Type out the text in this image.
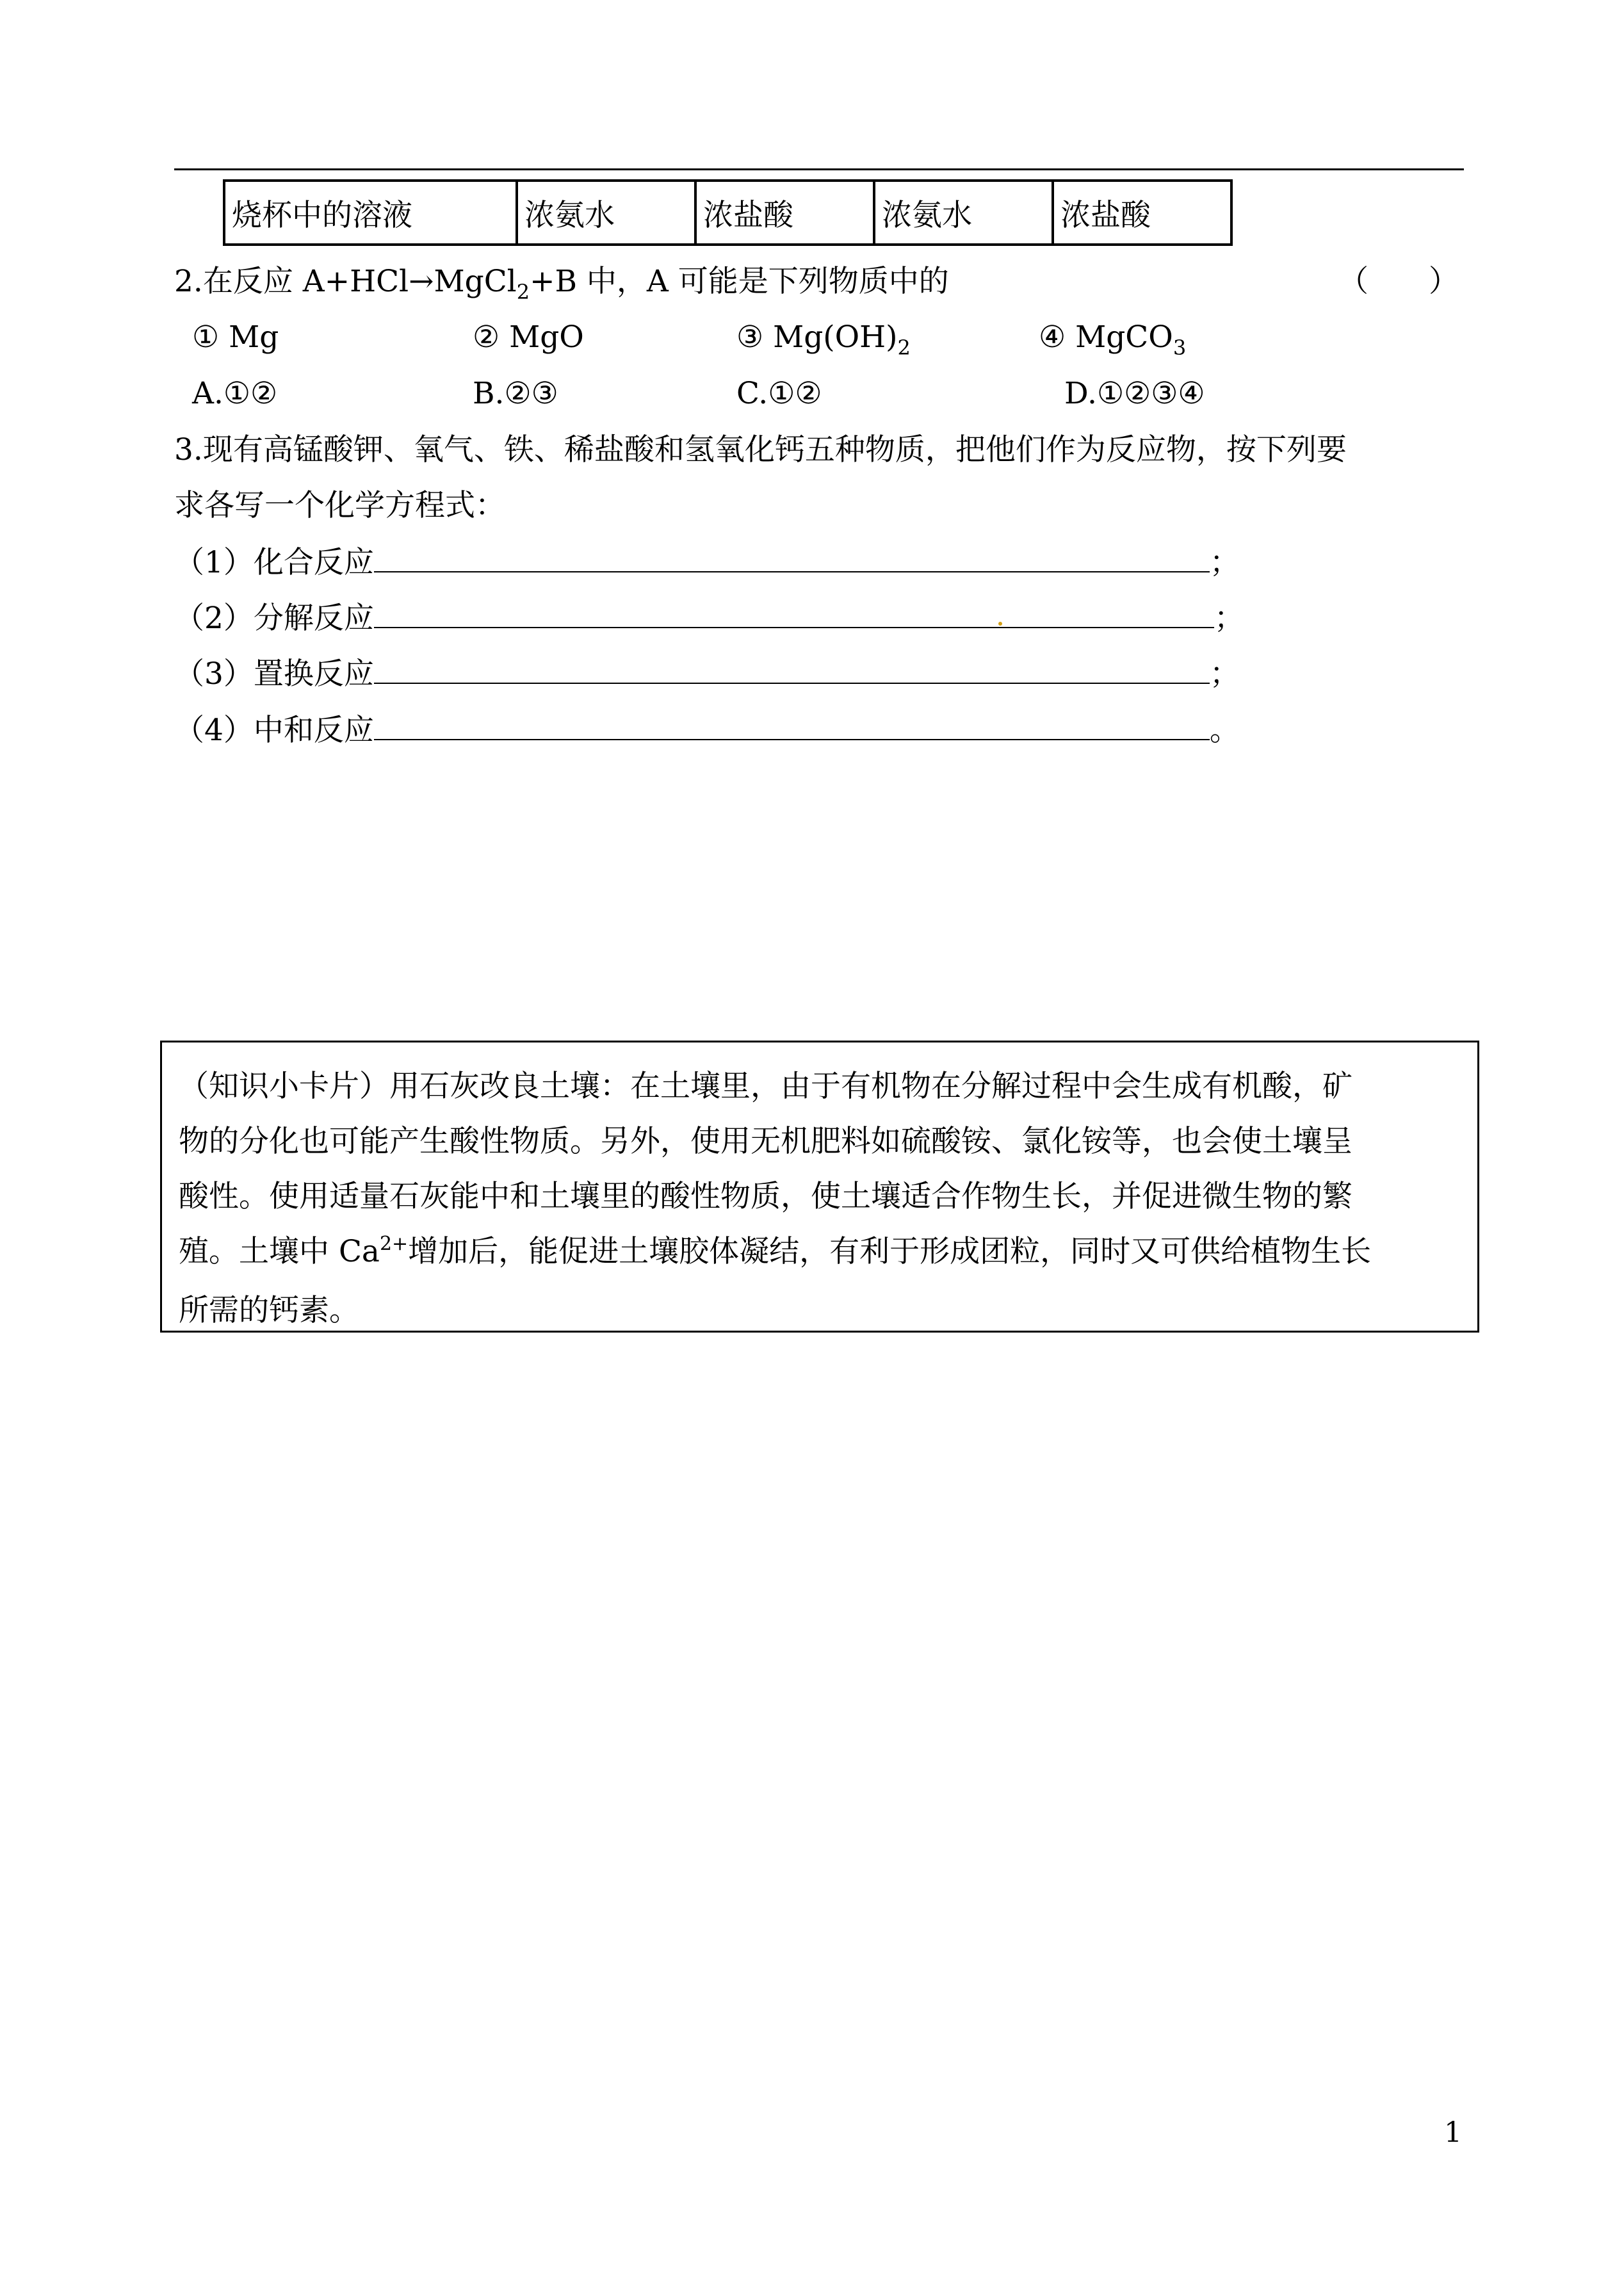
烧杯中的溶液	浓氨水	浓盐酸	浓氨水	浓盐酸
2.在反应 A+HCl→MgCl$_2$+B 中，A 可能是下列物质中的	（　　）
① Mg	② MgO	③ $Mg(OH)_2$	④ MgCO$_3$
A.①②	B.②③	C.①②	D.①②③④
3.现有高锰酸钾、氧气、铁、稀盐酸和氢氧化钙五种物质，把他们作为反应物，按下列要
求各写一个化学方程式：
（1）化合反应	；
（2）分解反应	；
（3）置换反应	；
（4）中和反应	。

（知识小卡片）用石灰改良土壤：在土壤里，由于有机物在分解过程中会生成有机酸，矿

物的分化也可能产生酸性物质。另外，使用无机肥料如硫酸铵、氯化铵等，也会使土壤呈

酸性。使用适量石灰能中和土壤里的酸性物质，使土壤适合作物生长，并促进微生物的繁

殖。土壤中 $Ca^{2+}$增加后，能促进土壤胶体凝结，有利于形成团粒，同时又可供给植物生长

所需的钙素。

1
